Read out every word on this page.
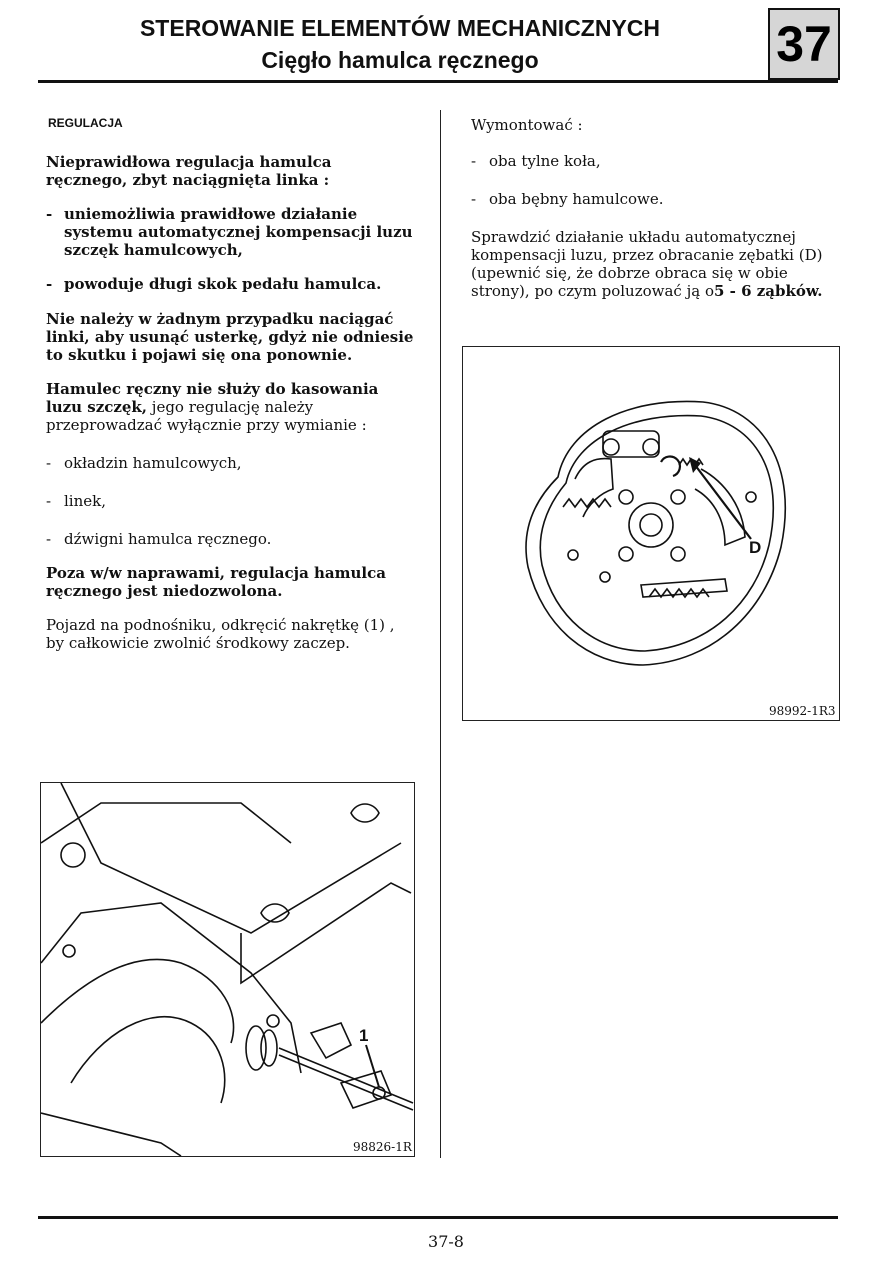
STEROWANIE ELEMENTÓW MECHANICZNYCH
Cięgło hamulca ręcznego	37
REGULACJA

Nieprawidłowa regulacja hamulca ręcznego, zbyt naciągnięta linka :

- uniemożliwia prawidłowe działanie systemu automatycznej kompensacji luzu szczęk hamulcowych,

- powoduje długi skok pedału hamulca.

Nie należy w żadnym przypadku naciągać linki, aby usunąć usterkę, gdyż nie odniesie to skutku i pojawi się ona ponownie.

Hamulec ręczny nie służy do kasowania luzu szczęk, jego regulację należy przeprowadzać wyłącznie przy wymianie :

- okładzin hamulcowych,

- linek,

- dźwigni hamulca ręcznego.

Poza w/w naprawami, regulacja hamulca ręcznego jest niedozwolona.

Pojazd na podnośniku, odkręcić nakrętkę (1) , by całkowicie zwolnić środkowy zaczep.

Wymontować :

- oba tylne koła,

- oba bębny hamulcowe.

Sprawdzić działanie układu automatycznej kompensacji luzu, przez obracanie zębatki (D) (upewnić się, że dobrze obraca się w obie strony), po czym poluzować ją o5 - 6 ząbków.

D
98992-1R3
1
98826-1R
37-8
